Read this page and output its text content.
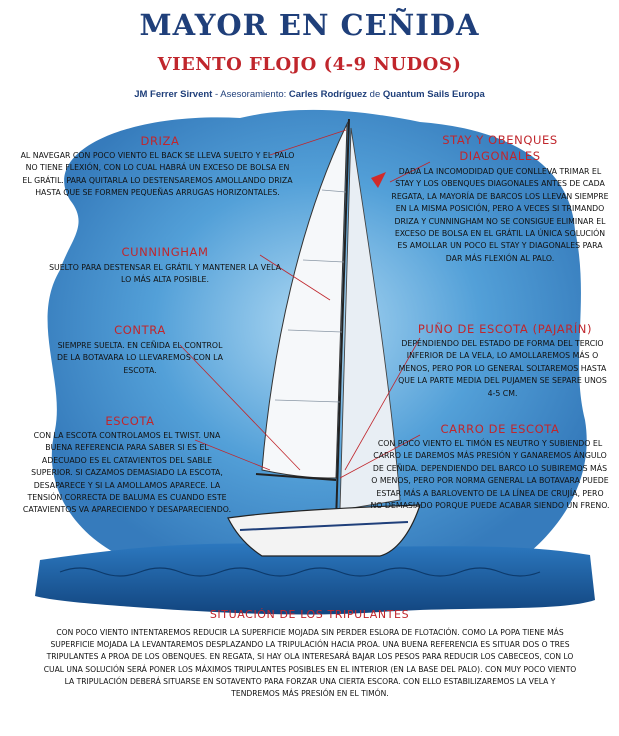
MAYOR EN CEÑIDA
VIENTO FLOJO (4-9 NUDOS)
JM Ferrer Sirvent - Asesoramiento: Carles Rodríguez de Quantum Sails Europa
DRIZA
AL NAVEGAR CON POCO VIENTO EL BACK SE LLEVA SUELTO Y EL PALO NO TIENE FLEXIÓN, CON LO CUAL HABRÁ UN EXCESO DE BOLSA EN EL GRÁTIL. PARA QUITARLA LO DESTENSAREMOS AMOLLANDO DRIZA HASTA QUE SE FORMEN PEQUEÑAS ARRUGAS HORIZONTALES.
CUNNINGHAM
SUELTO PARA DESTENSAR EL GRÁTIL Y MANTENER LA VELA LO MÁS ALTA POSIBLE.
CONTRA
SIEMPRE SUELTA. EN CEÑIDA EL CONTROL DE LA BOTAVARA LO LLEVAREMOS CON LA ESCOTA.
ESCOTA
CON LA ESCOTA CONTROLAMOS EL TWIST. UNA BUENA REFERENCIA PARA SABER SI ES EL ADECUADO ES EL CATAVIENTOS DEL SABLE SUPERIOR. SI CAZAMOS DEMASIADO LA ESCOTA, DESAPARECE Y SI LA AMOLLAMOS APARECE. LA TENSIÓN CORRECTA DE BALUMA ES CUANDO ESTE CATAVIENTOS VA APARECIENDO Y DESAPARECIENDO.
STAY Y OBENQUES DIAGONALES
DADA LA INCOMODIDAD QUE CONLLEVA TRIMAR EL STAY Y LOS OBENQUES DIAGONALES ANTES DE CADA REGATA, LA MAYORÍA DE BARCOS LOS LLEVAN SIEMPRE EN LA MISMA POSICIÓN, PERO A VECES SI TRIMANDO DRIZA Y CUNNINGHAM NO SE CONSIGUE ELIMINAR EL EXCESO DE BOLSA EN EL GRÁTIL LA ÚNICA SOLUCIÓN ES AMOLLAR UN POCO EL STAY Y DIAGONALES PARA DAR MÁS FLEXIÓN AL PALO.
PUÑO DE ESCOTA (PAJARÍN)
DEPENDIENDO DEL ESTADO DE FORMA DEL TERCIO INFERIOR DE LA VELA, LO AMOLLAREMOS MÁS O MENOS, PERO POR LO GENERAL SOLTAREMOS HASTA QUE LA PARTE MEDIA DEL PUJAMEN SE SEPARE UNOS 4-5 CM.
CARRO DE ESCOTA
CON POCO VIENTO EL TIMÓN ES NEUTRO Y SUBIENDO EL CARRO LE DAREMOS MÁS PRESIÓN Y GANAREMOS ÁNGULO DE CEÑIDA. DEPENDIENDO DEL BARCO LO SUBIREMOS MÁS O MENOS, PERO POR NORMA GENERAL LA BOTAVARA PUEDE ESTAR MÁS A BARLOVENTO DE LA LÍNEA DE CRUJÍA, PERO NO DEMASIADO PORQUE PUEDE ACABAR SIENDO UN FRENO.
SITUACIÓN DE LOS TRIPULANTES
CON POCO VIENTO INTENTAREMOS REDUCIR LA SUPERFICIE MOJADA SIN PERDER ESLORA DE FLOTACIÓN. COMO LA POPA TIENE MÁS SUPERFICIE MOJADA LA LEVANTAREMOS DESPLAZANDO LA TRIPULACIÓN HACIA PROA. UNA BUENA REFERENCIA ES SITUAR DOS O TRES TRIPULANTES A PROA DE LOS OBENQUES. EN REGATA, SI HAY OLA INTERESARÁ BAJAR LOS PESOS PARA REDUCIR LOS CABECEOS, CON LO CUAL UNA SOLUCIÓN SERÁ PONER LOS MÁXIMOS TRIPULANTES POSIBLES EN EL INTERIOR (EN LA BASE DEL PALO). CON MUY POCO VIENTO LA TRIPULACIÓN DEBERÁ SITUARSE EN SOTAVENTO PARA FORZAR UNA CIERTA ESCORA. CON ELLO ESTABILIZAREMOS LA VELA Y TENDREMOS MÁS PRESIÓN EN EL TIMÓN.
